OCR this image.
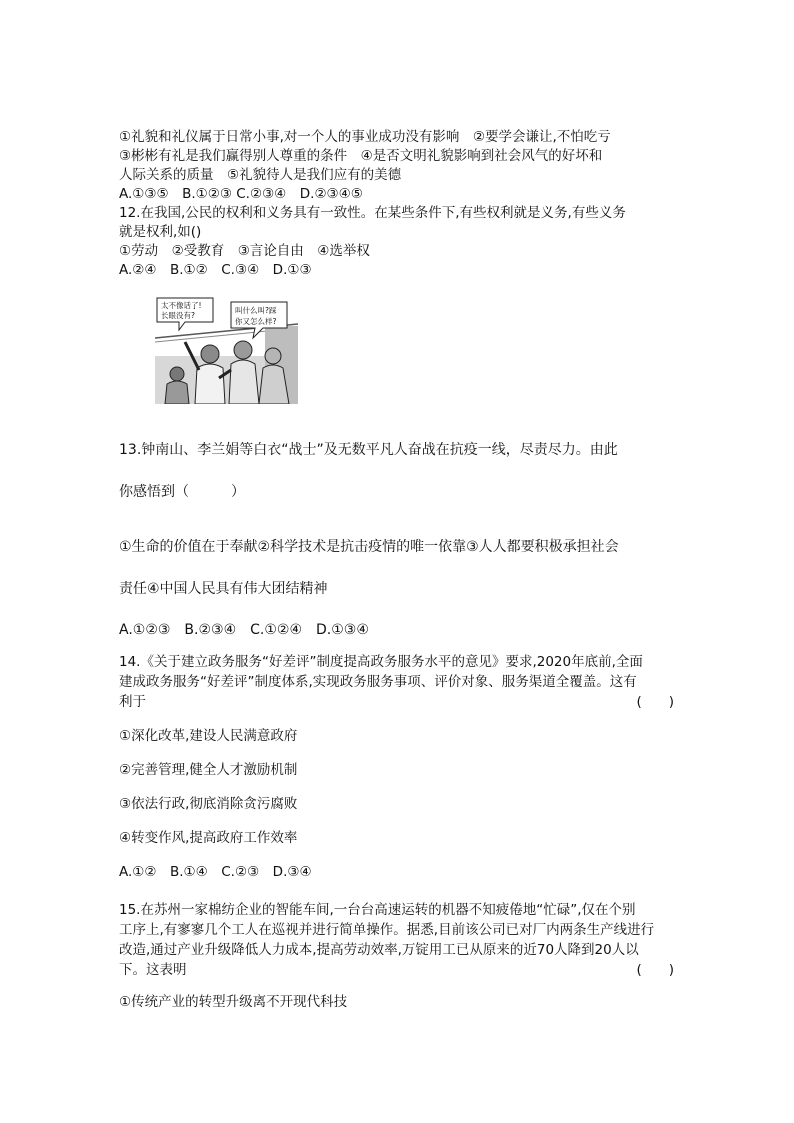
①礼貌和礼仪属于日常小事,对一个人的事业成功没有影响　②要学会谦让,不怕吃亏
③彬彬有礼是我们赢得别人尊重的条件　④是否文明礼貌影响到社会风气的好坏和
人际关系的质量　⑤礼貌待人是我们应有的美德
A.①③⑤　B.①②③ C.②③④　D.②③④⑤
12.在我国,公民的权利和义务具有一致性。在某些条件下,有些权利就是义务,有些义务
就是权利,如()
①劳动　②受教育　③言论自由　④选举权
A.②④　B.①②　C.③④　D.①③
太不像话了!
长眼没有?
叫什么叫?踩
你又怎么样?
13.钟南山、李兰娟等白衣“战士”及无数平凡人奋战在抗疫一线，尽责尽力。由此
你感悟到（　　　）
①生命的价值在于奉献②科学技术是抗击疫情的唯一依靠③人人都要积极承担社会
责任④中国人民具有伟大团结精神
A.①②③　B.②③④　C.①②④　D.①③④
14.《关于建立政务服务“好差评”制度提高政务服务水平的意见》要求,2020年底前,全面
建成政务服务“好差评”制度体系,实现政务服务事项、评价对象、服务渠道全覆盖。这有
利于	(　　)
①深化改革,建设人民满意政府
②完善管理,健全人才激励机制
③依法行政,彻底消除贪污腐败
④转变作风,提高政府工作效率
A.①②　B.①④　C.②③　D.③④
15.在苏州一家棉纺企业的智能车间,一台台高速运转的机器不知疲倦地“忙碌”,仅在个别
工序上,有寥寥几个工人在巡视并进行简单操作。据悉,目前该公司已对厂内两条生产线进行
改造,通过产业升级降低人力成本,提高劳动效率,万锭用工已从原来的近70人降到20人以
下。这表明	(　　)
①传统产业的转型升级离不开现代科技
